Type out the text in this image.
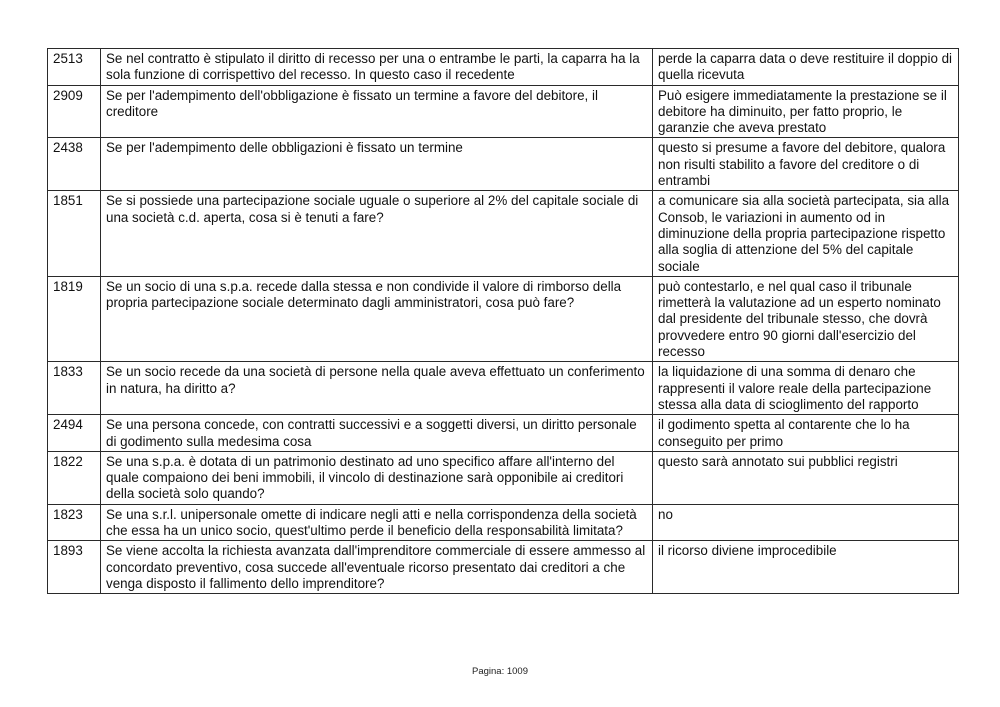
2513	Se nel contratto è stipulato il diritto di recesso per una o entrambe le parti, la caparra ha la sola funzione di corrispettivo del recesso. In questo caso il recedente	perde la caparra data o deve restituire il doppio di quella ricevuta
2909	Se per l'adempimento dell'obbligazione è fissato un termine a favore del debitore, il creditore	Può esigere immediatamente la prestazione se il debitore ha diminuito, per fatto proprio, le garanzie che aveva prestato
2438	Se per l'adempimento delle obbligazioni è fissato un termine	questo si presume a favore del debitore, qualora non risulti stabilito a favore del creditore o di entrambi
1851	Se si possiede una partecipazione sociale uguale o superiore al 2% del capitale sociale di una società c.d. aperta, cosa si è tenuti a fare?	a comunicare sia alla società partecipata, sia alla Consob, le variazioni in aumento od in diminuzione della propria partecipazione rispetto alla soglia di attenzione del 5% del capitale sociale
1819	Se un socio di una s.p.a. recede dalla stessa e non condivide il valore di rimborso della propria partecipazione sociale determinato dagli amministratori, cosa può fare?	può contestarlo, e nel qual caso il tribunale rimetterà la valutazione ad un esperto nominato dal presidente del tribunale stesso, che dovrà provvedere entro 90 giorni dall'esercizio del recesso
1833	Se un socio recede da una società di persone nella quale aveva effettuato un conferimento in natura, ha diritto a?	la liquidazione di una somma di denaro che rappresenti il valore reale della partecipazione stessa alla data di scioglimento del rapporto
2494	Se una persona concede, con contratti successivi e a soggetti diversi, un diritto personale di godimento sulla medesima cosa	il godimento spetta al contarente che lo ha conseguito per primo
1822	Se una s.p.a. è dotata di un patrimonio destinato ad uno specifico affare all'interno del quale compaiono dei beni immobili, il vincolo di destinazione sarà opponibile ai creditori della società solo quando?	questo sarà annotato sui pubblici registri
1823	Se una s.r.l. unipersonale omette di indicare negli atti e nella corrispondenza della società che essa ha un unico socio, quest'ultimo perde il beneficio della responsabilità limitata?	no
1893	Se viene accolta la richiesta avanzata dall'imprenditore commerciale di essere ammesso al concordato preventivo, cosa succede all'eventuale ricorso presentato dai creditori a che venga disposto il fallimento dello imprenditore?	il ricorso diviene improcedibile
Pagina: 1009
